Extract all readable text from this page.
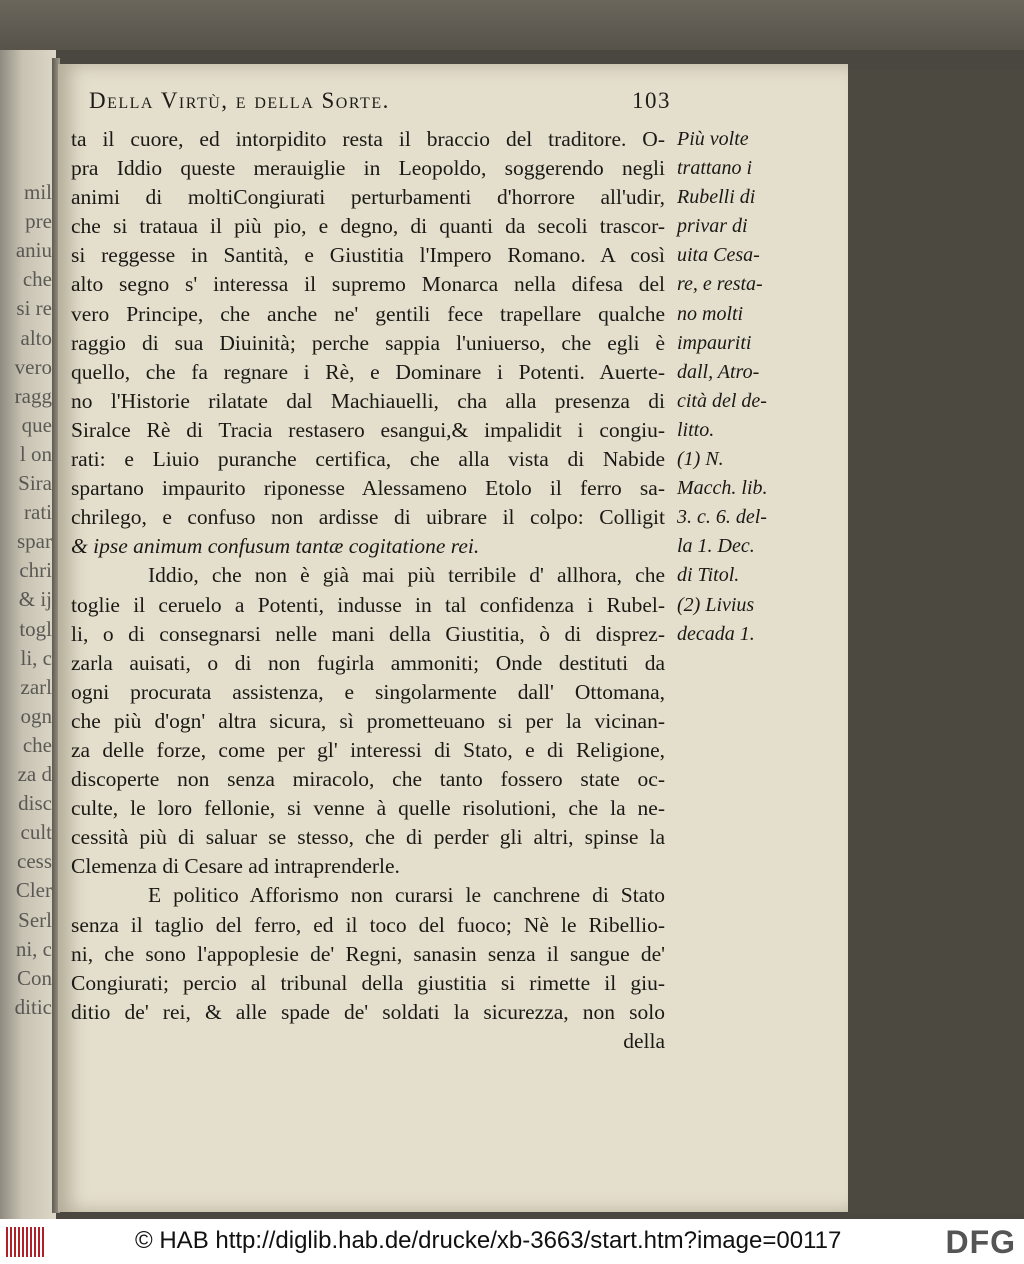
mil
pre
aniu
che
si re
alto
vero
ragg
que
l on
Sira
rati
spar
chri
& ij
togl
li, c
zarl
ogn
che
za d
disc
cult
cess
Cler
Serl
ni, c
Con
ditic
Della Virtù, e della Sorte.	103
ta il cuore, ed intorpidito resta il braccio del traditore. O-
pra Iddio queste merauiglie in Leopoldo, soggerendo negli
animi di moltiCongiurati perturbamenti d'horrore all'udir,
che si trataua il più pio, e degno, di quanti da secoli trascor-
si reggesse in Santità, e Giustitia l'Impero Romano. A così
alto segno s' interessa il supremo Monarca nella difesa del
vero Principe, che anche ne' gentili fece trapellare qualche
raggio di sua Diuinità; perche sappia l'uniuerso, che egli è
quello, che fa regnare i Rè, e Dominare i Potenti. Auerte-
no l'Historie rilatate dal Machiauelli, cha alla presenza di
Siralce Rè di Tracia restasero esangui,& impalidit i congiu-
rati: e Liuio puranche certifica, che alla vista di Nabide
spartano impaurito riponesse Alessameno Etolo il ferro sa-
chrilego, e confuso non ardisse di uibrare il colpo: Colligit
& ipse animum confusum tantæ cogitatione rei.
Iddio, che non è già mai più terribile d' allhora, che
toglie il ceruelo a Potenti, indusse in tal confidenza i Rubel-
li, o di consegnarsi nelle mani della Giustitia, ò di disprez-
zarla auisati, o di non fugirla ammoniti; Onde destituti da
ogni procurata assistenza, e singolarmente dall' Ottomana,
che più d'ogn' altra sicura, sì prometteuano si per la vicinan-
za delle forze, come per gl' interessi di Stato, e di Religione,
discoperte non senza miracolo, che tanto fossero state oc-
culte, le loro fellonie, si venne à quelle risolutioni, che la ne-
cessità più di saluar se stesso, che di perder gli altri, spinse la
Clemenza di Cesare ad intraprenderle.
E politico Afforismo non curarsi le canchrene di Stato
senza il taglio del ferro, ed il toco del fuoco; Nè le Ribellio-
ni, che sono l'appoplesie de' Regni, sanasin senza il sangue de'
Congiurati; percio al tribunal della giustitia si rimette il giu-
ditio de' rei, & alle spade de' soldati la sicurezza, non solo
della
Più volte
trattano i
Rubelli di
privar di
uita Cesa-
re, e resta-
no molti
impauriti
dall, Atro-
cità del de-
litto.
(1) N.
Macch. lib.
3. c. 6. del-
la 1. Dec.
di Titol.
(2) Livius
decada 1.
© HAB http://diglib.hab.de/drucke/xb-3663/start.htm?image=00117	DFG
